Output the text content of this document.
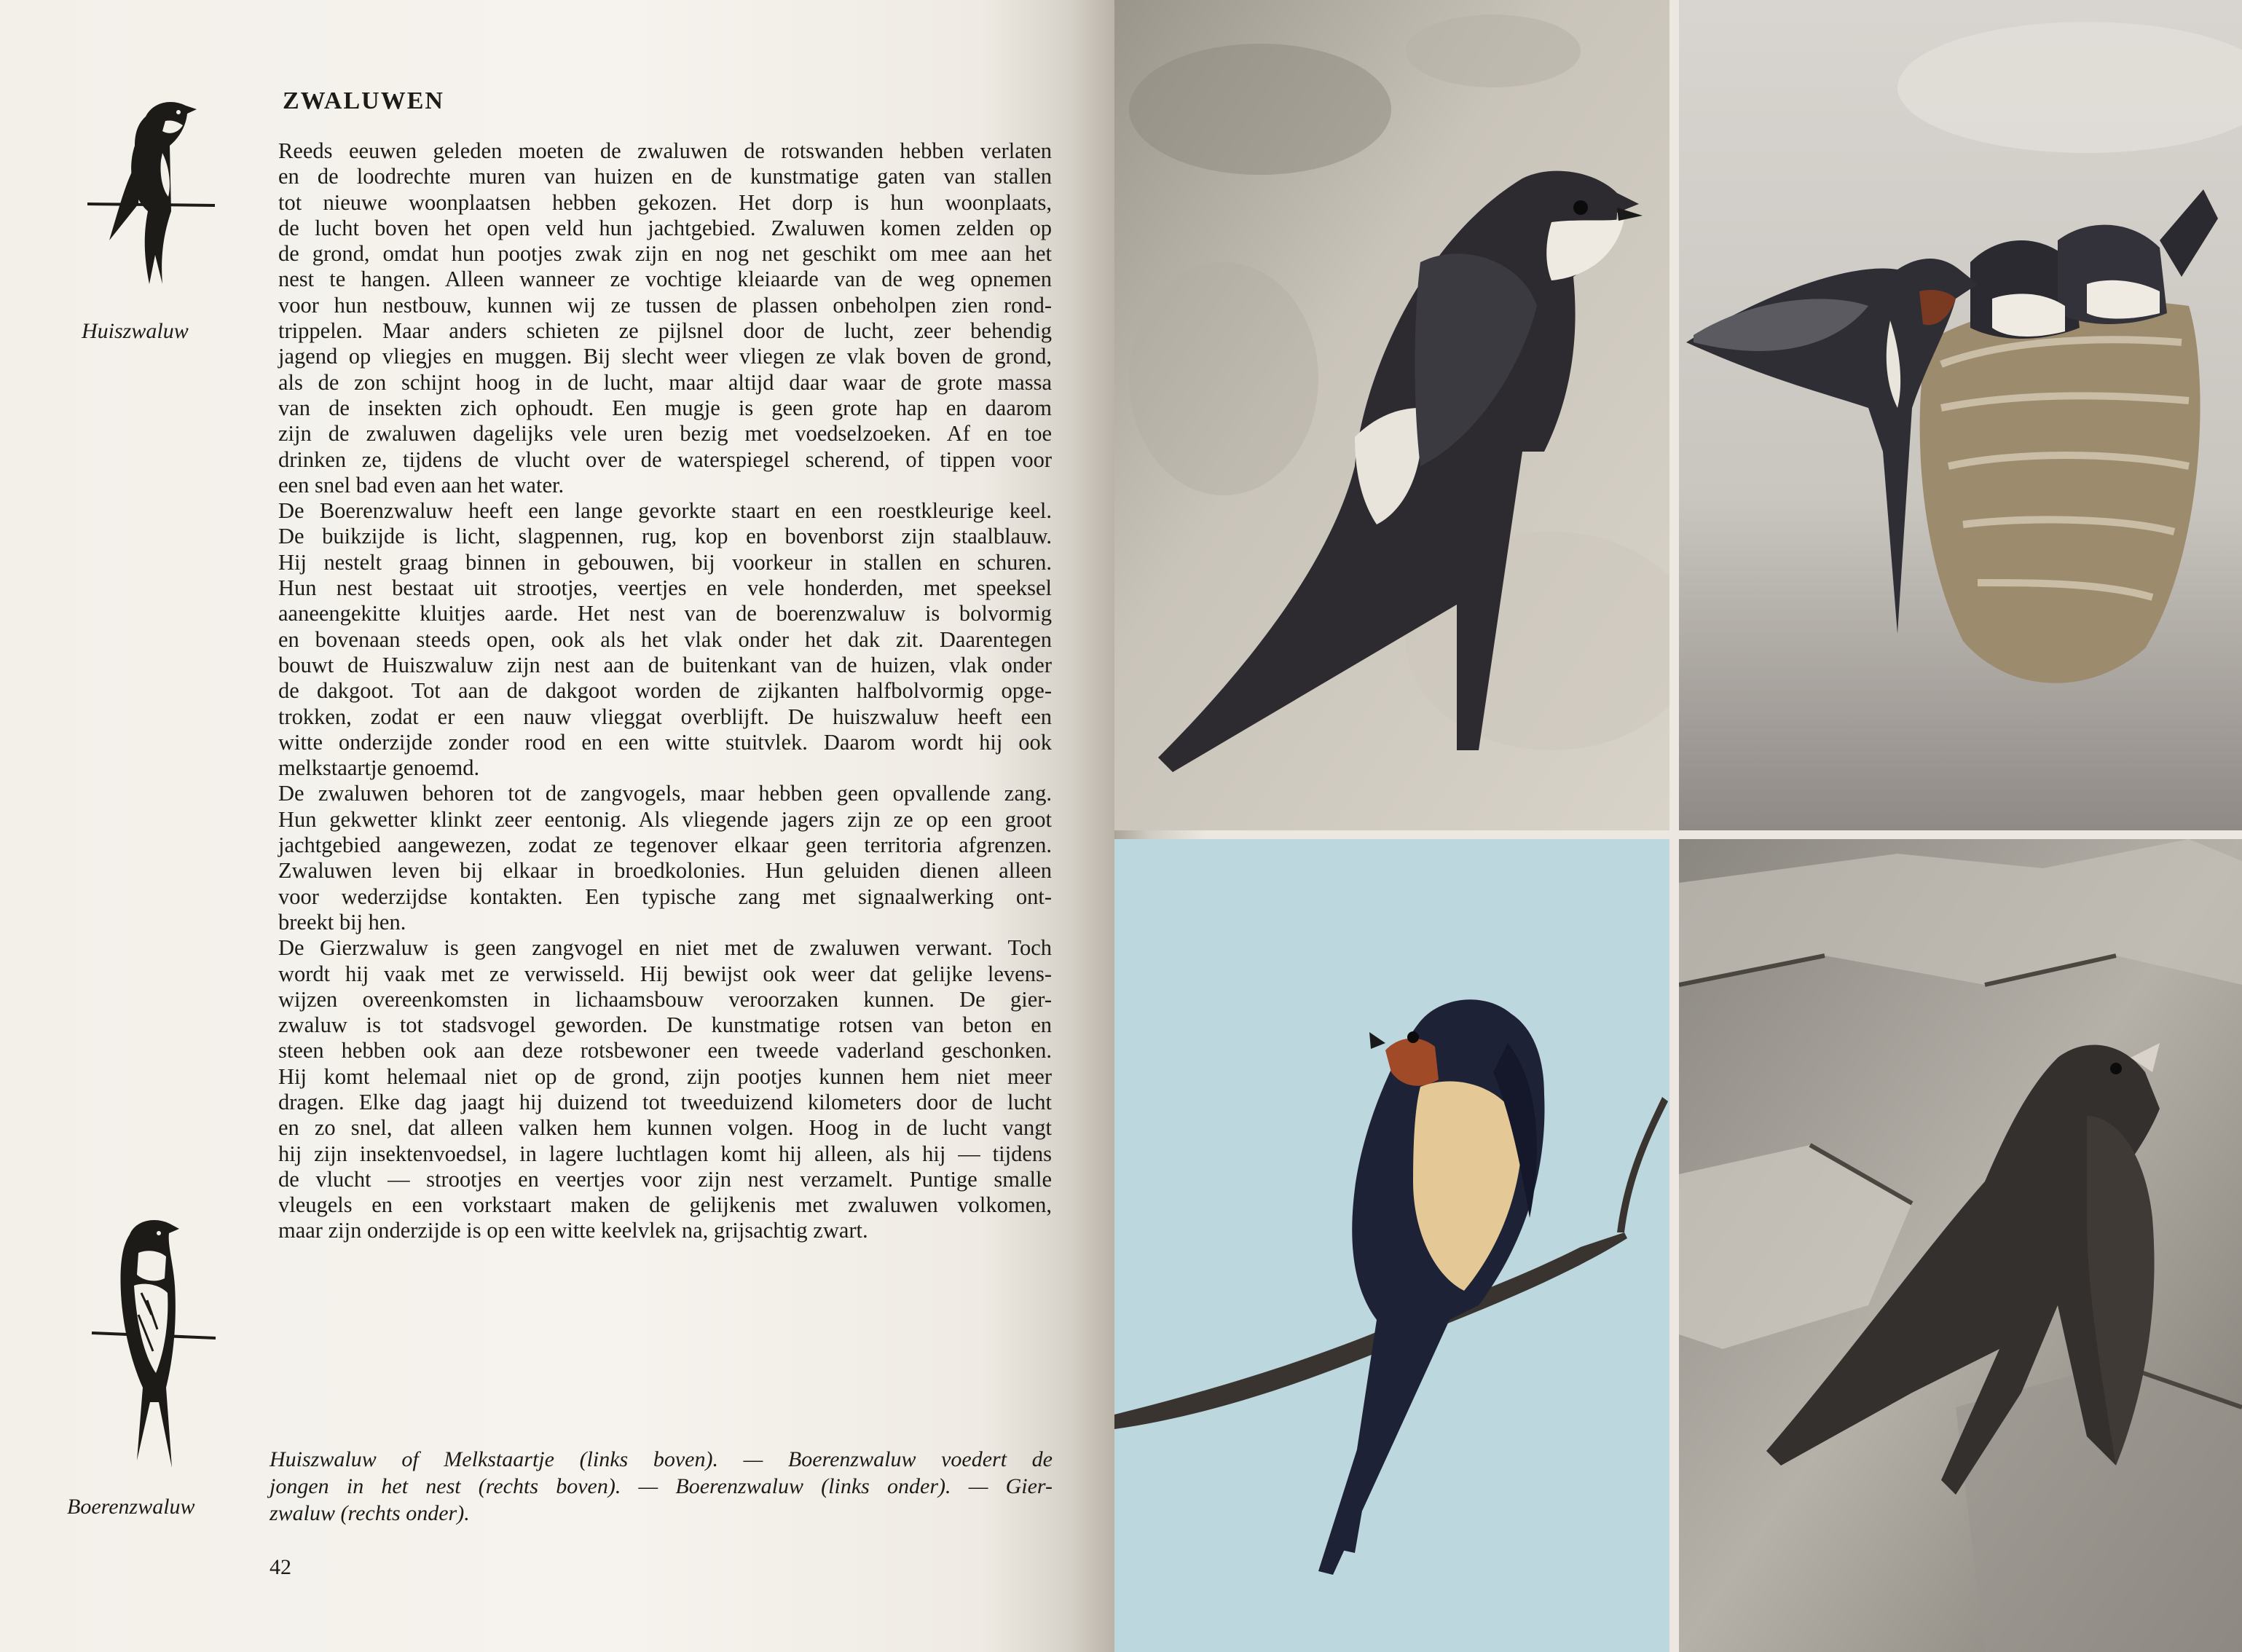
Huiszwaluw
Boerenzwaluw
ZWALUWEN
Reeds eeuwen geleden moeten de zwaluwen de rotswanden hebben verlaten
en de loodrechte muren van huizen en de kunstmatige gaten van stallen
tot nieuwe woonplaatsen hebben gekozen. Het dorp is hun woonplaats,
de lucht boven het open veld hun jachtgebied. Zwaluwen komen zelden op
de grond, omdat hun pootjes zwak zijn en nog net geschikt om mee aan het
nest te hangen. Alleen wanneer ze vochtige kleiaarde van de weg opnemen
voor hun nestbouw, kunnen wij ze tussen de plassen onbeholpen zien rond-
trippelen. Maar anders schieten ze pijlsnel door de lucht, zeer behendig
jagend op vliegjes en muggen. Bij slecht weer vliegen ze vlak boven de grond,
als de zon schijnt hoog in de lucht, maar altijd daar waar de grote massa
van de insekten zich ophoudt. Een mugje is geen grote hap en daarom
zijn de zwaluwen dagelijks vele uren bezig met voedselzoeken. Af en toe
drinken ze, tijdens de vlucht over de waterspiegel scherend, of tippen voor
een snel bad even aan het water.
De Boerenzwaluw heeft een lange gevorkte staart en een roestkleurige keel.
De buikzijde is licht, slagpennen, rug, kop en bovenborst zijn staalblauw.
Hij nestelt graag binnen in gebouwen, bij voorkeur in stallen en schuren.
Hun nest bestaat uit strootjes, veertjes en vele honderden, met speeksel
aaneengekitte kluitjes aarde. Het nest van de boerenzwaluw is bolvormig
en bovenaan steeds open, ook als het vlak onder het dak zit. Daarentegen
bouwt de Huiszwaluw zijn nest aan de buitenkant van de huizen, vlak onder
de dakgoot. Tot aan de dakgoot worden de zijkanten halfbolvormig opge-
trokken, zodat er een nauw vlieggat overblijft. De huiszwaluw heeft een
witte onderzijde zonder rood en een witte stuitvlek. Daarom wordt hij ook
melkstaartje genoemd.
De zwaluwen behoren tot de zangvogels, maar hebben geen opvallende zang.
Hun gekwetter klinkt zeer eentonig. Als vliegende jagers zijn ze op een groot
jachtgebied aangewezen, zodat ze tegenover elkaar geen territoria afgrenzen.
Zwaluwen leven bij elkaar in broedkolonies. Hun geluiden dienen alleen
voor wederzijdse kontakten. Een typische zang met signaalwerking ont-
breekt bij hen.
De Gierzwaluw is geen zangvogel en niet met de zwaluwen verwant. Toch
wordt hij vaak met ze verwisseld. Hij bewijst ook weer dat gelijke levens-
wijzen overeenkomsten in lichaamsbouw veroorzaken kunnen. De gier-
zwaluw is tot stadsvogel geworden. De kunstmatige rotsen van beton en
steen hebben ook aan deze rotsbewoner een tweede vaderland geschonken.
Hij komt helemaal niet op de grond, zijn pootjes kunnen hem niet meer
dragen. Elke dag jaagt hij duizend tot tweeduizend kilometers door de lucht
en zo snel, dat alleen valken hem kunnen volgen. Hoog in de lucht vangt
hij zijn insektenvoedsel, in lagere luchtlagen komt hij alleen, als hij — tijdens
de vlucht — strootjes en veertjes voor zijn nest verzamelt. Puntige smalle
vleugels en een vorkstaart maken de gelijkenis met zwaluwen volkomen,
maar zijn onderzijde is op een witte keelvlek na, grijsachtig zwart.
Huiszwaluw of Melkstaartje (links boven). — Boerenzwaluw voedert de
jongen in het nest (rechts boven). — Boerenzwaluw (links onder). — Gier-
zwaluw (rechts onder).
42
